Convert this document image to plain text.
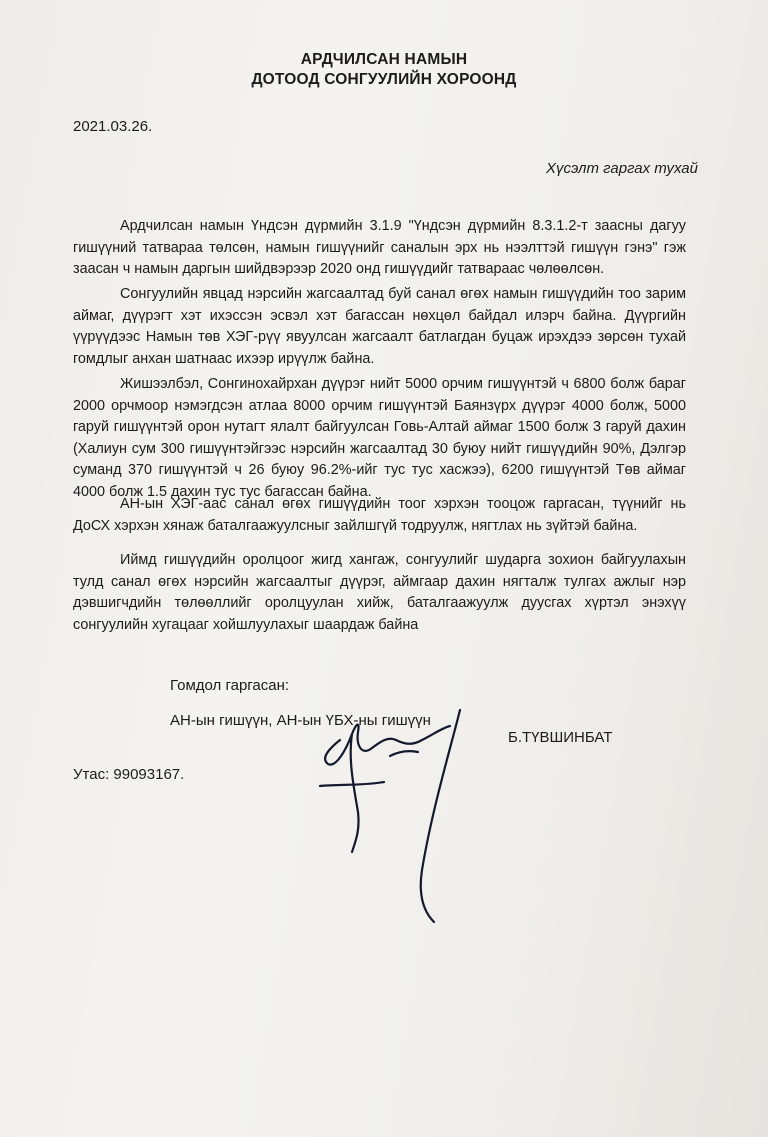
АРДЧИЛСАН НАМЫН
ДОТООД СОНГУУЛИЙН ХОРООНД
2021.03.26.
Хүсэлт гаргах тухай

Ардчилсан намын Үндсэн дүрмийн 3.1.9 "Үндсэн дүрмийн 8.3.1.2-т заасны дагуу гишүүний татвараа төлсөн, намын гишүүнийг саналын эрх нь нээлттэй гишүүн гэнэ" гэж заасан ч намын даргын шийдвэрээр 2020 онд гишүүдийг татвараас чөлөөлсөн.

Сонгуулийн явцад нэрсийн жагсаалтад буй санал өгөх намын гишүүдийн тоо зарим аймаг, дүүрэгт хэт ихэссэн эсвэл хэт багассан нөхцөл байдал илэрч байна. Дүүргийн үүрүүдээс Намын төв ХЭГ-рүү явуулсан жагсаалт батлагдан буцаж ирэхдээ зөрсөн тухай гомдлыг анхан шатнаас ихээр ирүүлж байна.

Жишээлбэл, Сонгинохайрхан дүүрэг нийт 5000 орчим гишүүнтэй ч 6800 болж бараг 2000 орчмоор нэмэгдсэн атлаа 8000 орчим гишүүнтэй Баянзүрх дүүрэг 4000 болж, 5000 гаруй гишүүнтэй орон нутагт ялалт байгуулсан Говь-Алтай аймаг 1500 болж 3 гаруй дахин (Халиун сум 300 гишүүнтэйгээс нэрсийн жагсаалтад 30 буюу нийт гишүүдийн 90%, Дэлгэр суманд 370 гишүүнтэй ч 26 буюу 96.2%-ийг тус тус хасжээ), 6200 гишүүнтэй Төв аймаг 4000 болж 1.5 дахин тус тус багассан байна.

АН-ын ХЭГ-аас санал өгөх гишүүдийн тоог хэрхэн тооцож гаргасан, түүнийг нь ДоСХ хэрхэн хянаж баталгаажуулсныг зайлшгүй тодруулж, нягтлах нь зүйтэй байна.

Иймд гишүүдийн оролцоог жигд хангаж, сонгуулийг шударга зохион байгуулахын тулд санал өгөх нэрсийн жагсаалтыг дүүрэг, аймгаар дахин нягталж тулгах ажлыг нэр дэвшигчдийн төлөөллийг оролцуулан хийж, баталгаажуулж дуусгах хүртэл энэхүү сонгуулийн хугацааг хойшлуулахыг шаардаж байна

Гомдол гаргасан:
АН-ын гишүүн, АН-ын ҮБХ-ны гишүүн
Б.ТҮВШИНБАТ
Утас: 99093167.
